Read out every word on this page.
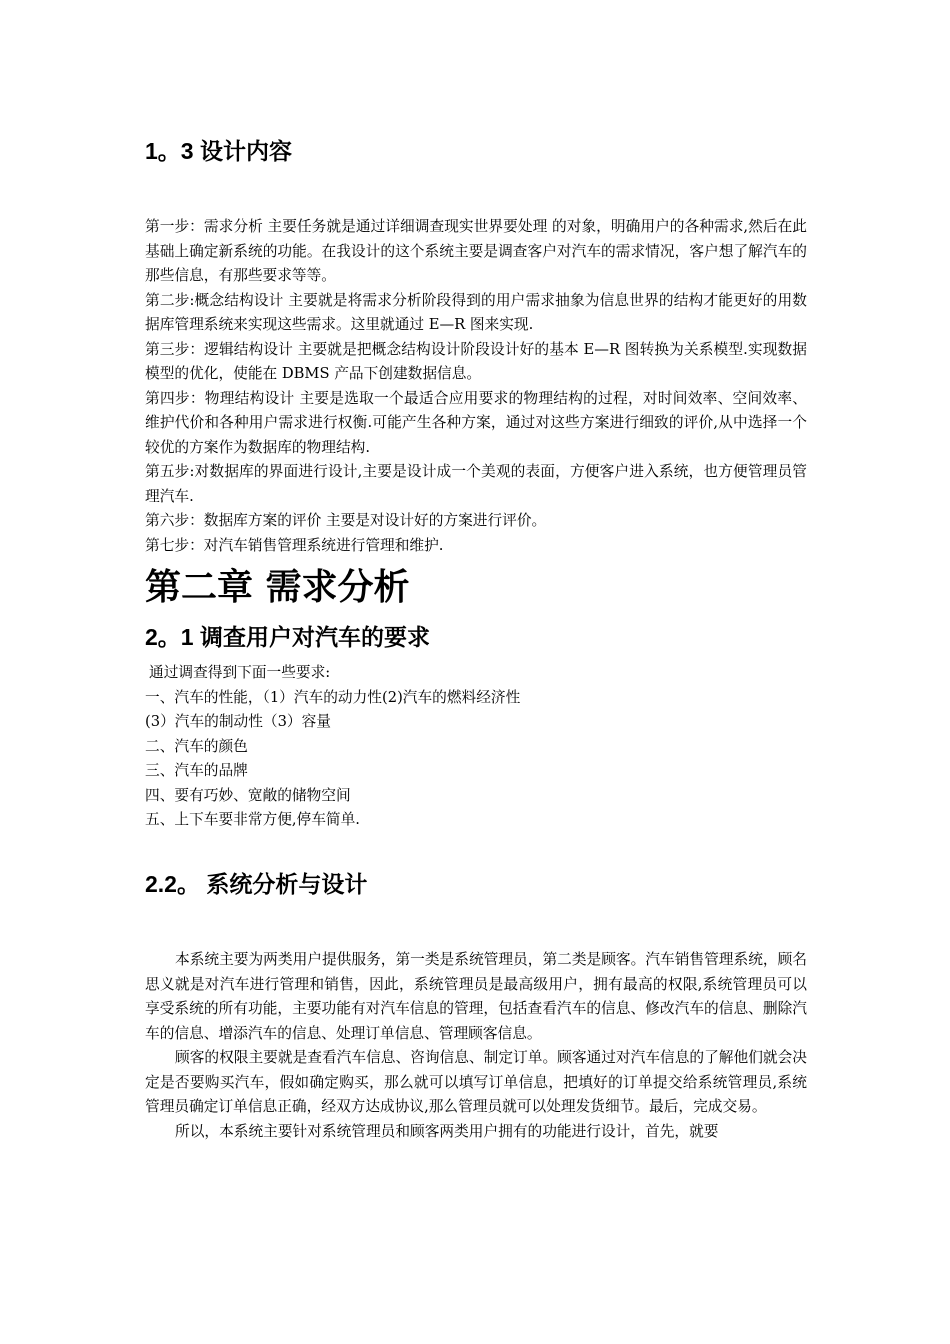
1。3 设计内容

第一步：需求分析 主要任务就是通过详细调查现实世界要处理 的对象，明确用户的各种需求,然后在此基础上确定新系统的功能。在我设计的这个系统主要是调查客户对汽车的需求情况，客户想了解汽车的那些信息，有那些要求等等。

第二步:概念结构设计 主要就是将需求分析阶段得到的用户需求抽象为信息世界的结构才能更好的用数据库管理系统来实现这些需求。这里就通过 E—R 图来实现.

第三步：逻辑结构设计 主要就是把概念结构设计阶段设计好的基本 E—R 图转换为关系模型.实现数据模型的优化，使能在 DBMS 产品下创建数据信息。

第四步：物理结构设计 主要是选取一个最适合应用要求的物理结构的过程，对时间效率、空间效率、维护代价和各种用户需求进行权衡.可能产生各种方案，通过对这些方案进行细致的评价,从中选择一个较优的方案作为数据库的物理结构.

第五步:对数据库的界面进行设计,主要是设计成一个美观的表面，方便客户进入系统，也方便管理员管理汽车.

第六步：数据库方案的评价 主要是对设计好的方案进行评价。

第七步：对汽车销售管理系统进行管理和维护.

第二章 需求分析
2。1 调查用户对汽车的要求

通过调查得到下面一些要求:

一、汽车的性能，（1）汽车的动力性(2)汽车的燃料经济性

(3）汽车的制动性（3）容量

二、汽车的颜色

三、汽车的品牌

四、要有巧妙、宽敞的储物空间

五、上下车要非常方便,停车简单.

2.2。 系统分析与设计

本系统主要为两类用户提供服务，第一类是系统管理员，第二类是顾客。汽车销售管理系统，顾名思义就是对汽车进行管理和销售，因此，系统管理员是最高级用户，拥有最高的权限,系统管理员可以享受系统的所有功能，主要功能有对汽车信息的管理，包括查看汽车的信息、修改汽车的信息、删除汽车的信息、增添汽车的信息、处理订单信息、管理顾客信息。

顾客的权限主要就是查看汽车信息、咨询信息、制定订单。顾客通过对汽车信息的了解他们就会决定是否要购买汽车，假如确定购买，那么就可以填写订单信息，把填好的订单提交给系统管理员,系统管理员确定订单信息正确，经双方达成协议,那么管理员就可以处理发货细节。最后，完成交易。

所以，本系统主要针对系统管理员和顾客两类用户拥有的功能进行设计，首先，就要
